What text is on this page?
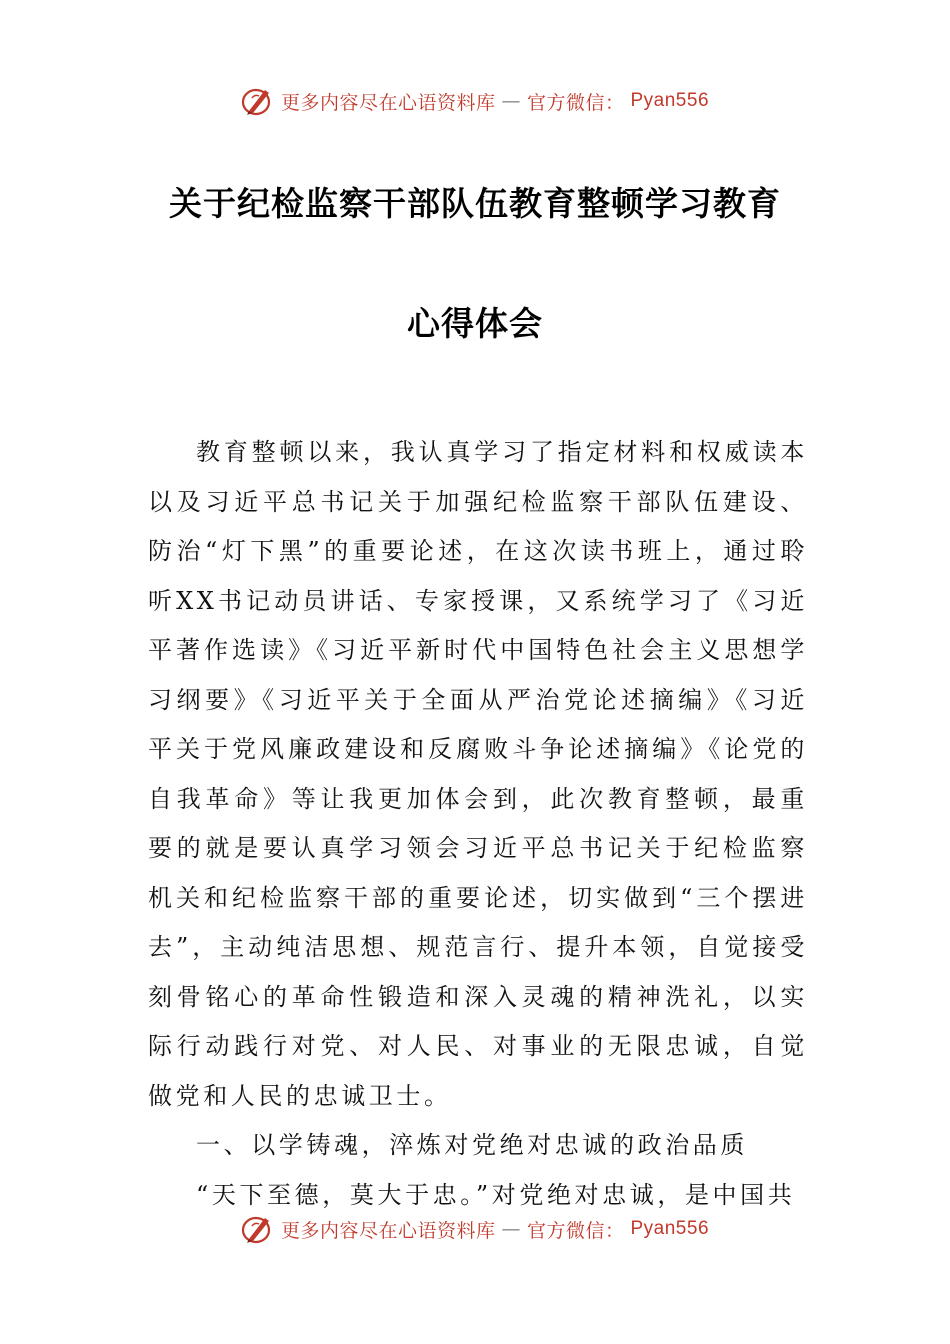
更多内容尽在心语资料库 — 官方微信： Pyan556
关于纪检监察干部队伍教育整顿学习教育
心得体会

教育整顿以来，我认真学习了指定材料和权威读本以及习近平总书记关于加强纪检监察干部队伍建设、防治“灯下黑”的重要论述，在这次读书班上，通过聆听XX书记动员讲话、专家授课，又系统学习了《习近平著作选读》《习近平新时代中国特色社会主义思想学习纲要》《习近平关于全面从严治党论述摘编》《习近平关于党风廉政建设和反腐败斗争论述摘编》《论党的自我革命》等让我更加体会到，此次教育整顿，最重要的就是要认真学习领会习近平总书记关于纪检监察机关和纪检监察干部的重要论述，切实做到“三个摆进去”，主动纯洁思想、规范言行、提升本领，自觉接受刻骨铭心的革命性锻造和深入灵魂的精神洗礼，以实际行动践行对党、对人民、对事业的无限忠诚，自觉做党和人民的忠诚卫士。

一、以学铸魂，淬炼对党绝对忠诚的政治品质

“天下至德，莫大于忠。”对党绝对忠诚，是中国共

更多内容尽在心语资料库 — 官方微信： Pyan556
